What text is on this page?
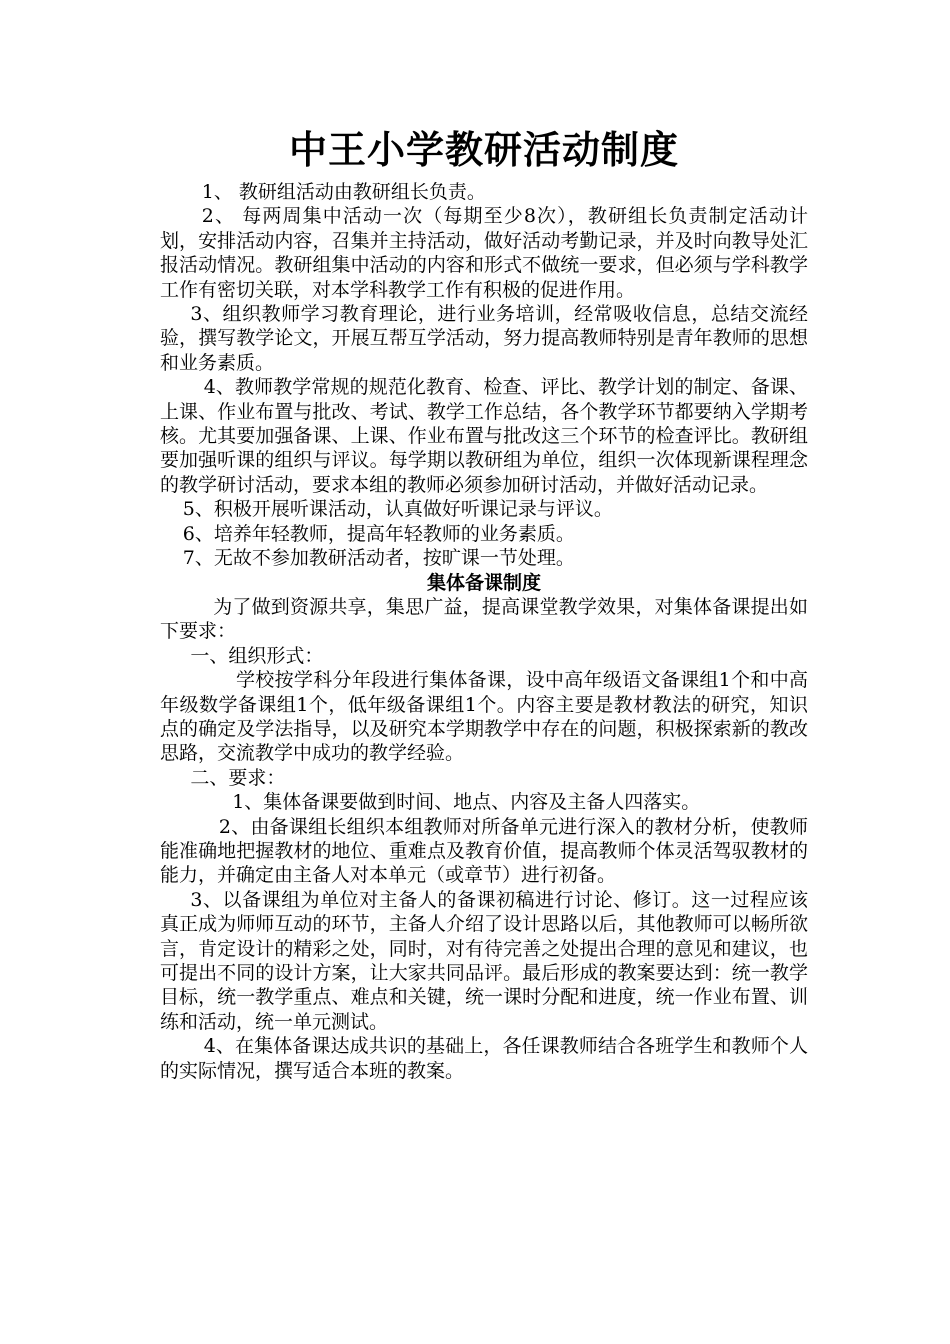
中王小学教研活动制度

1、 教研组活动由教研组长负责。

2、 每两周集中活动一次（每期至少8次），教研组长负责制定活动计划，安排活动内容，召集并主持活动，做好活动考勤记录，并及时向教导处汇报活动情况。教研组集中活动的内容和形式不做统一要求，但必须与学科教学工作有密切关联，对本学科教学工作有积极的促进作用。

3、组织教师学习教育理论，进行业务培训，经常吸收信息，总结交流经验，撰写教学论文，开展互帮互学活动，努力提高教师特别是青年教师的思想和业务素质。

4、教师教学常规的规范化教育、检查、评比、教学计划的制定、备课、上课、作业布置与批改、考试、教学工作总结，各个教学环节都要纳入学期考核。尤其要加强备课、上课、作业布置与批改这三个环节的检查评比。教研组要加强听课的组织与评议。每学期以教研组为单位，组织一次体现新课程理念的教学研讨活动，要求本组的教师必须参加研讨活动，并做好活动记录。

5、积极开展听课活动，认真做好听课记录与评议。

6、培养年轻教师，提高年轻教师的业务素质。

7、无故不参加教研活动者，按旷课一节处理。

集体备课制度

为了做到资源共享，集思广益，提高课堂教学效果，对集体备课提出如下要求：

一、组织形式：

学校按学科分年段进行集体备课，设中高年级语文备课组1个和中高年级数学备课组1个，低年级备课组1个。内容主要是教材教法的研究，知识点的确定及学法指导，以及研究本学期教学中存在的问题，积极探索新的教改思路，交流教学中成功的教学经验。

二、要求：

1、集体备课要做到时间、地点、内容及主备人四落实。

2、由备课组长组织本组教师对所备单元进行深入的教材分析，使教师能准确地把握教材的地位、重难点及教育价值，提高教师个体灵活驾驭教材的能力，并确定由主备人对本单元（或章节）进行初备。

3、以备课组为单位对主备人的备课初稿进行讨论、修订。这一过程应该真正成为师师互动的环节，主备人介绍了设计思路以后，其他教师可以畅所欲言，肯定设计的精彩之处，同时，对有待完善之处提出合理的意见和建议，也可提出不同的设计方案，让大家共同品评。最后形成的教案要达到：统一教学目标，统一教学重点、难点和关键，统一课时分配和进度，统一作业布置、训练和活动，统一单元测试。

4、在集体备课达成共识的基础上，各任课教师结合各班学生和教师个人的实际情况，撰写适合本班的教案。
